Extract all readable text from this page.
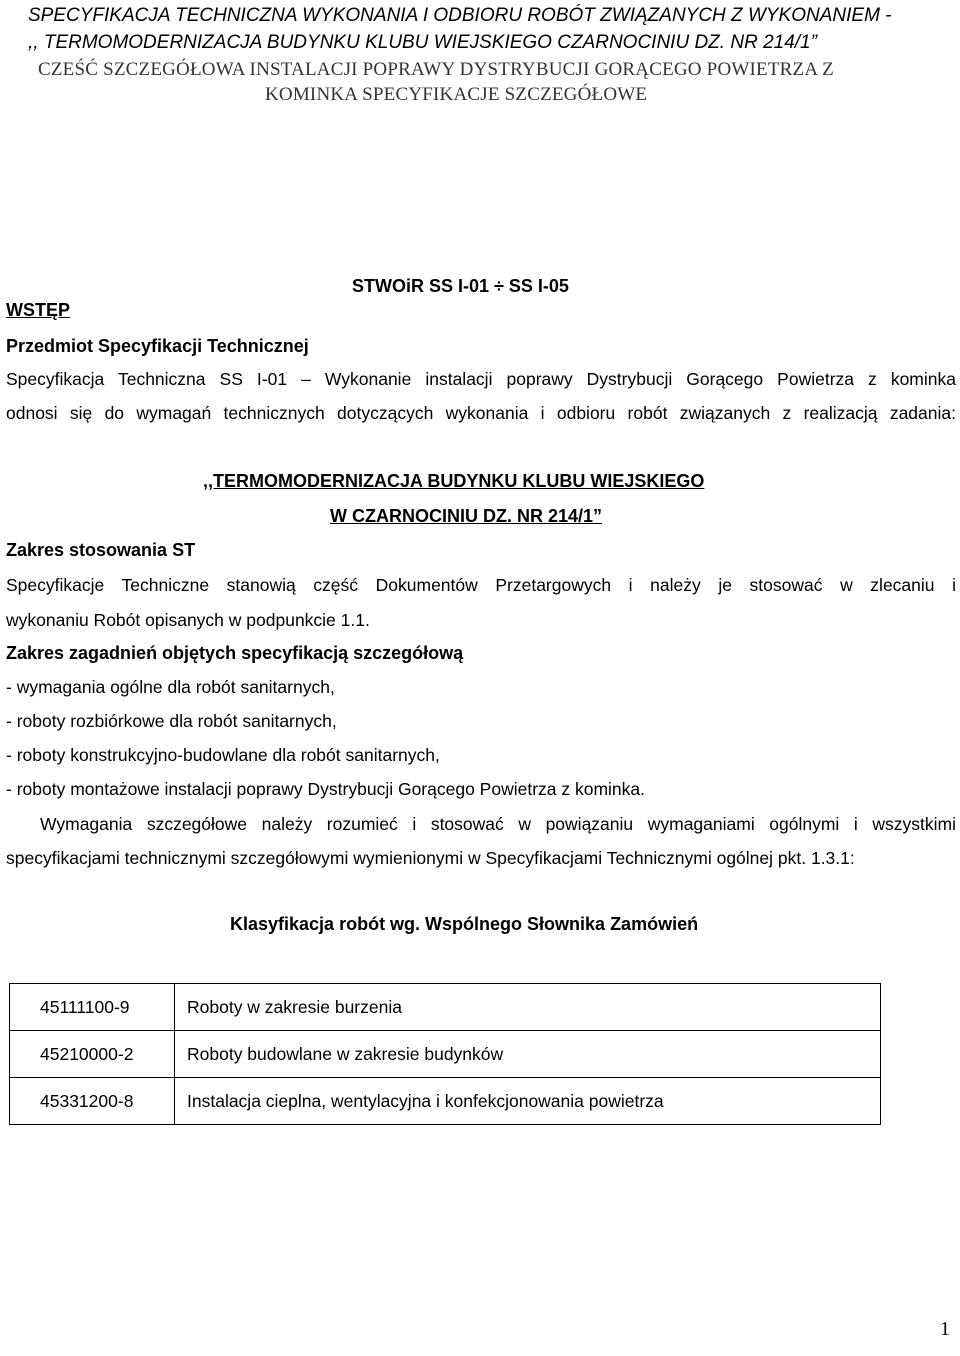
SPECYFIKACJA TECHNICZNA WYKONANIA I ODBIORU ROBÓT ZWIĄZANYCH Z WYKONANIEM -
,, TERMOMODERNIZACJA BUDYNKU KLUBU WIEJSKIEGO CZARNOCINIU DZ. NR 214/1”
CZEŚĆ SZCZEGÓŁOWA INSTALACJI POPRAWY DYSTRYBUCJI GORĄCEGO POWIETRZA Z
KOMINKA SPECYFIKACJE SZCZEGÓŁOWE
STWOiR SS I-01 ÷ SS I-05
WSTĘP
Przedmiot Specyfikacji Technicznej
Specyfikacja Techniczna SS I-01 – Wykonanie instalacji poprawy Dystrybucji Gorącego Powietrza z kominka
odnosi się do wymagań technicznych dotyczących wykonania i odbioru robót związanych z realizacją zadania:
,,TERMOMODERNIZACJA BUDYNKU KLUBU WIEJSKIEGO
W CZARNOCINIU DZ. NR 214/1”
Zakres stosowania ST
Specyfikacje Techniczne stanowią część Dokumentów Przetargowych i należy je stosować w zlecaniu i
wykonaniu Robót opisanych w podpunkcie 1.1.
Zakres zagadnień objętych specyfikacją szczegółową
- wymagania ogólne dla robót sanitarnych,
- roboty rozbiórkowe dla robót sanitarnych,
- roboty konstrukcyjno-budowlane dla robót sanitarnych,
- roboty montażowe instalacji poprawy Dystrybucji Gorącego Powietrza z kominka.
Wymagania szczegółowe należy rozumieć i stosować w powiązaniu wymaganiami ogólnymi i wszystkimi
specyfikacjami technicznymi szczegółowymi wymienionymi w Specyfikacjami Technicznymi ogólnej pkt. 1.3.1:
Klasyfikacja robót wg. Wspólnego Słownika Zamówień
45111100-9	Roboty w zakresie burzenia
45210000-2	Roboty budowlane w zakresie budynków
45331200-8	Instalacja cieplna, wentylacyjna i konfekcjonowania powietrza
1
